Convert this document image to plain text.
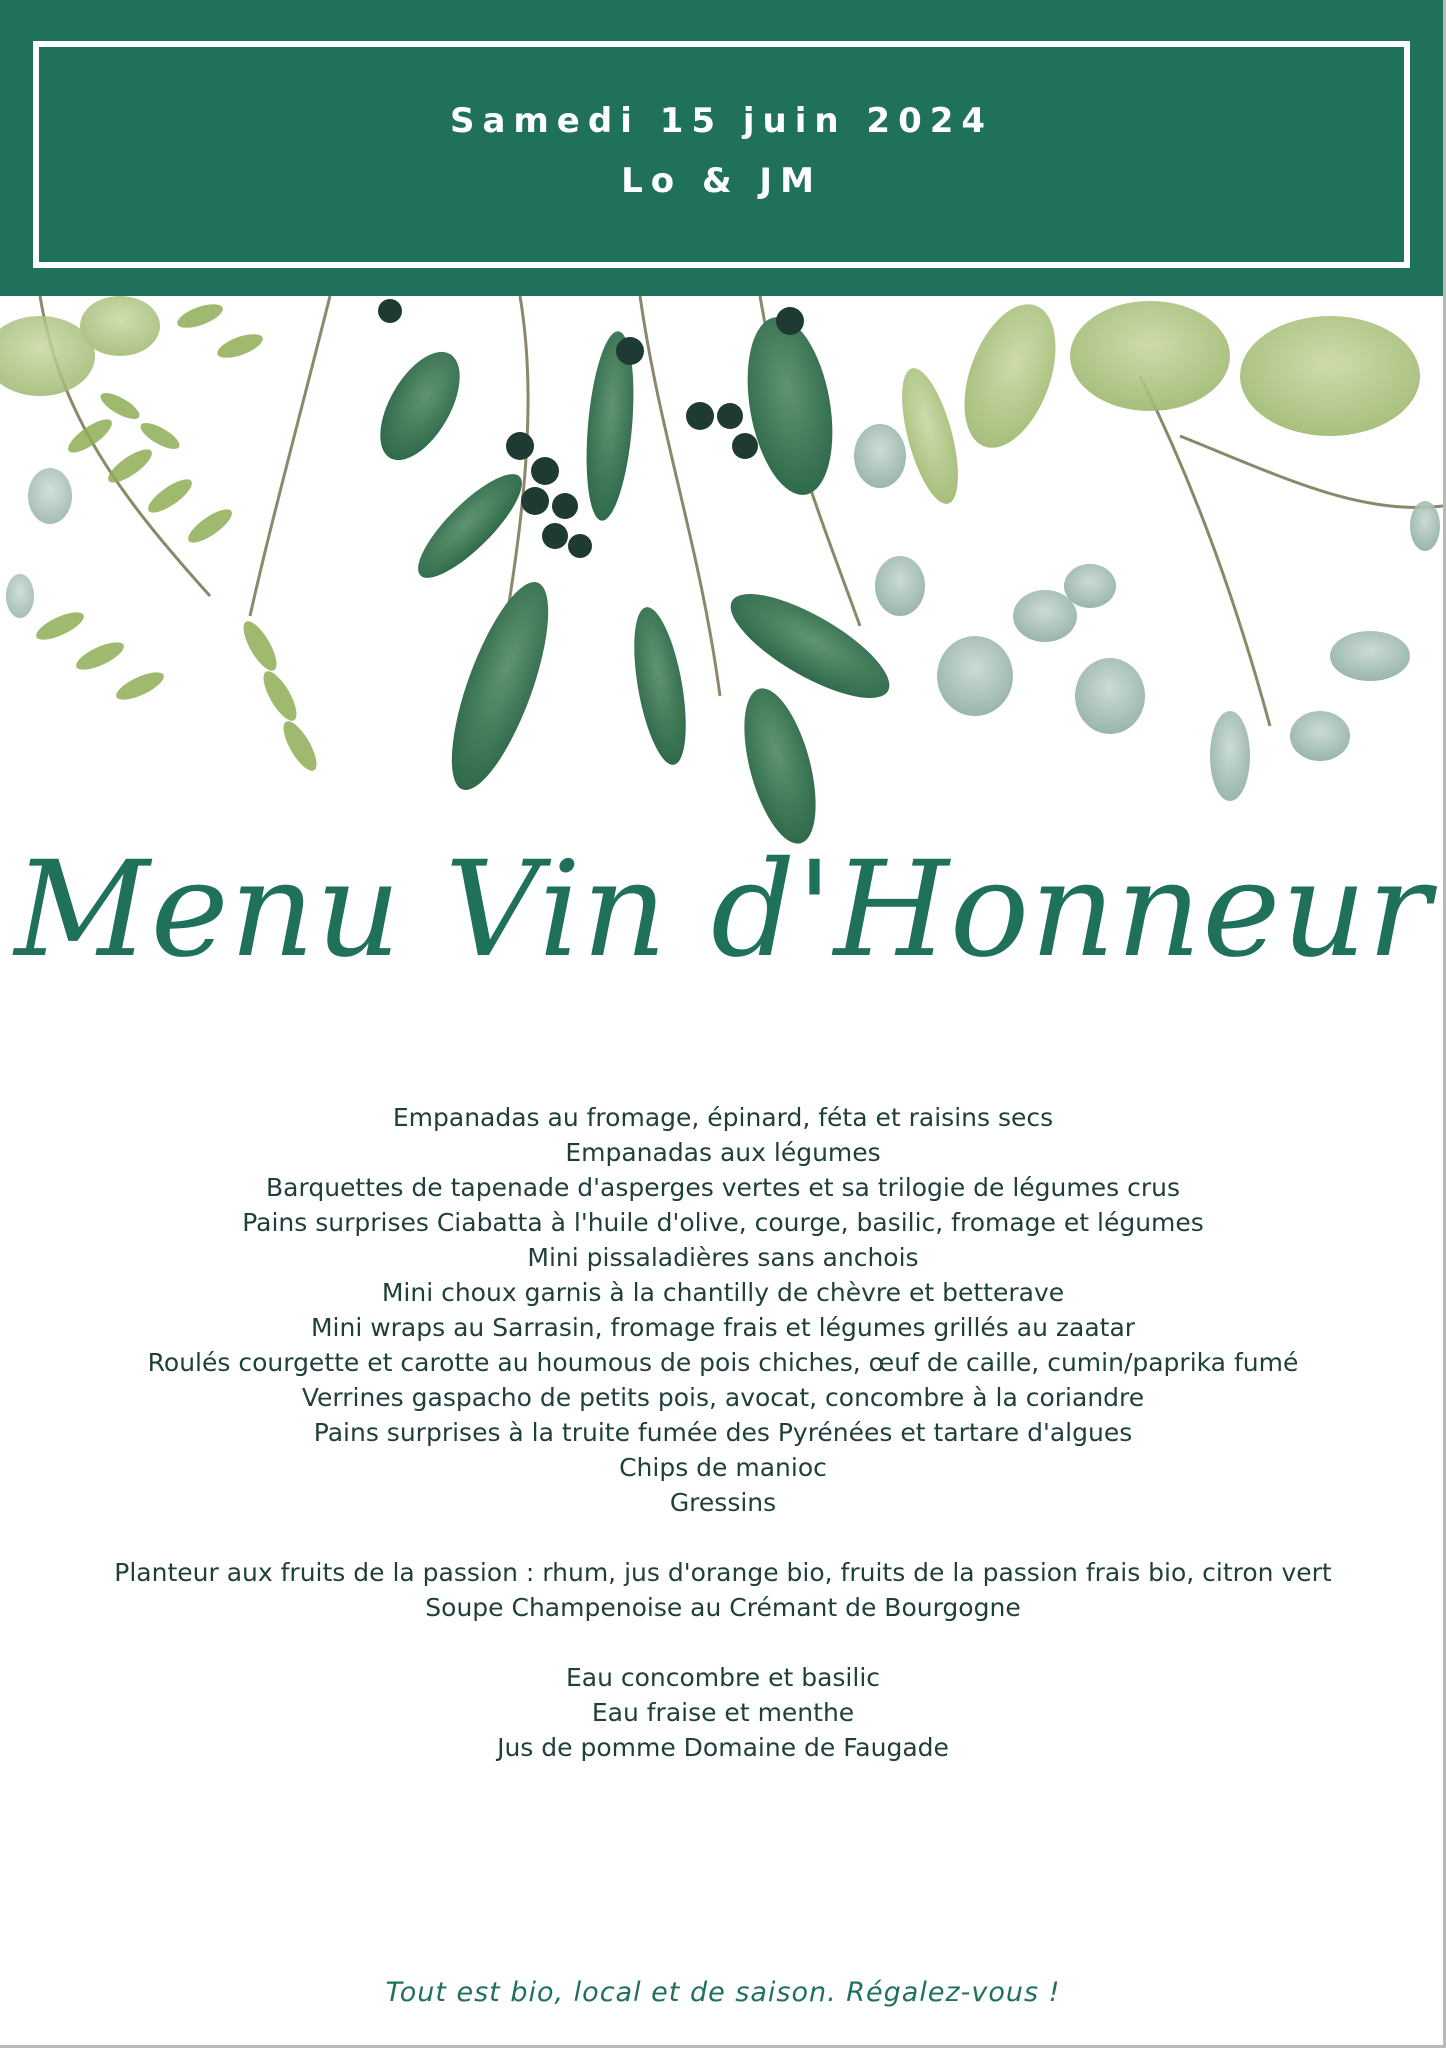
Samedi 15 juin 2024
Lo & JM
Menu Vin d'Honneur
Empanadas au fromage, épinard, féta et raisins secs
Empanadas aux légumes
Barquettes de tapenade d'asperges vertes et sa trilogie de légumes crus
Pains surprises Ciabatta à l'huile d'olive, courge, basilic, fromage et légumes
Mini pissaladières sans anchois
Mini choux garnis à la chantilly de chèvre et betterave
Mini wraps au Sarrasin, fromage frais et légumes grillés au zaatar
Roulés courgette et carotte au houmous de pois chiches, œuf de caille, cumin/paprika fumé
Verrines gaspacho de petits pois, avocat, concombre à la coriandre
Pains surprises à la truite fumée des Pyrénées et tartare d'algues
Chips de manioc
Gressins
Planteur aux fruits de la passion : rhum, jus d'orange bio, fruits de la passion frais bio, citron vert
Soupe Champenoise au Crémant de Bourgogne
Eau concombre et basilic
Eau fraise et menthe
Jus de pomme Domaine de Faugade
Tout est bio, local et de saison. Régalez-vous !
